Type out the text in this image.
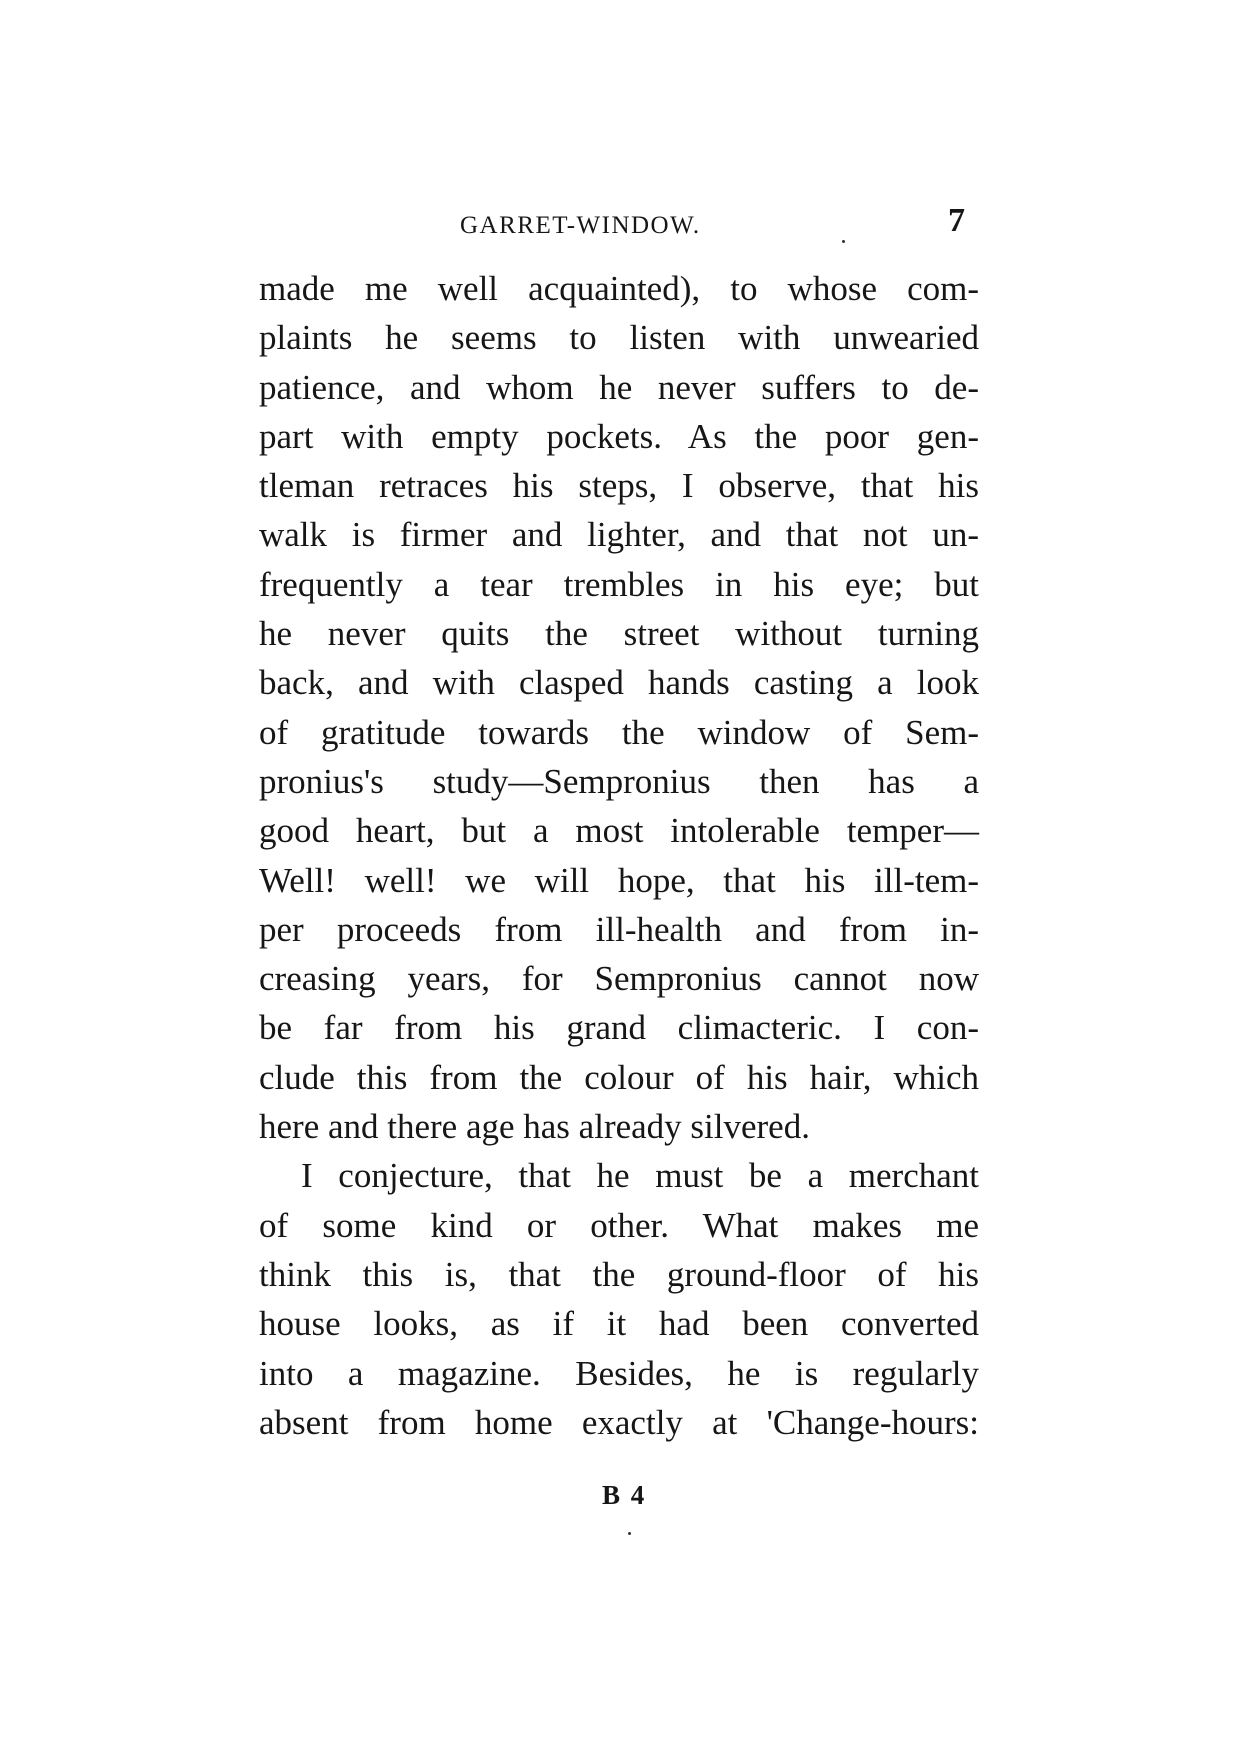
GARRET-WINDOW.	7
made me well acquainted), to whose com-
plaints he seems to listen with unwearied
patience, and whom he never suffers to de-
part with empty pockets. As the poor gen-
tleman retraces his steps, I observe, that his
walk is firmer and lighter, and that not un-
frequently a tear trembles in his eye; but
he never quits the street without turning
back, and with clasped hands casting a look
of gratitude towards the window of Sem-
pronius's study—Sempronius then has a
good heart, but a most intolerable temper—
Well! well! we will hope, that his ill-tem-
per proceeds from ill-health and from in-
creasing years, for Sempronius cannot now
be far from his grand climacteric. I con-
clude this from the colour of his hair, which
here and there age has already silvered.
I conjecture, that he must be a merchant
of some kind or other. What makes me
think this is, that the ground-floor of his
house looks, as if it had been converted
into a magazine. Besides, he is regularly
absent from home exactly at 'Change-hours:
B 4
